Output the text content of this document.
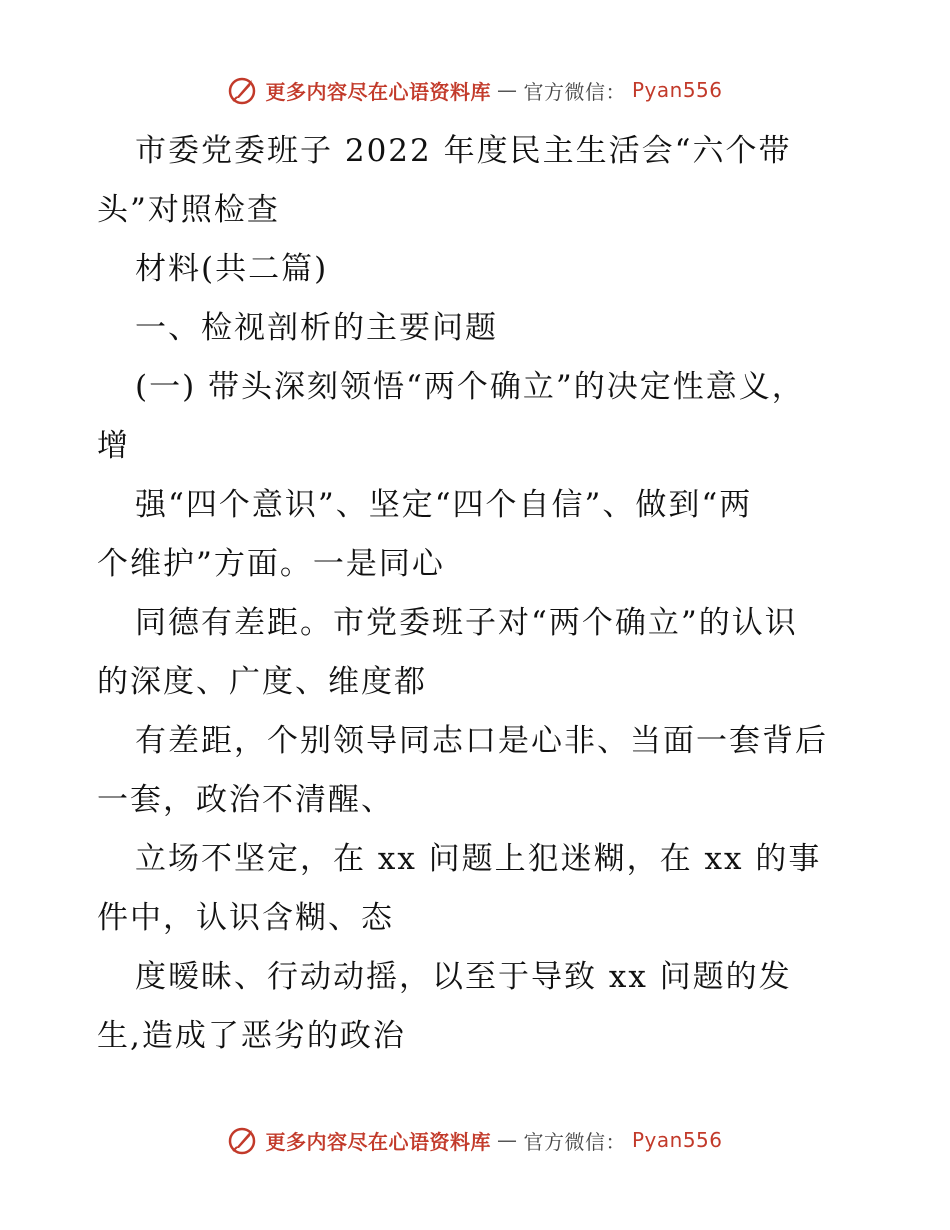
更多内容尽在心语资料库 — 官方微信： Pyan556
市委党委班子 2022 年度民主生活会“六个带
头”对照检查
材料(共二篇)
一、检视剖析的主要问题
(一) 带头深刻领悟“两个确立”的决定性意义，
增
强“四个意识”、坚定“四个自信”、做到“两
个维护”方面。一是同心
同德有差距。市党委班子对“两个确立”的认识
的深度、广度、维度都
有差距，个别领导同志口是心非、当面一套背后
一套，政治不清醒、
立场不坚定，在 xx 问题上犯迷糊，在 xx 的事
件中，认识含糊、态
度暧昧、行动动摇，以至于导致 xx 问题的发
生,造成了恶劣的政治
更多内容尽在心语资料库 — 官方微信： Pyan556
